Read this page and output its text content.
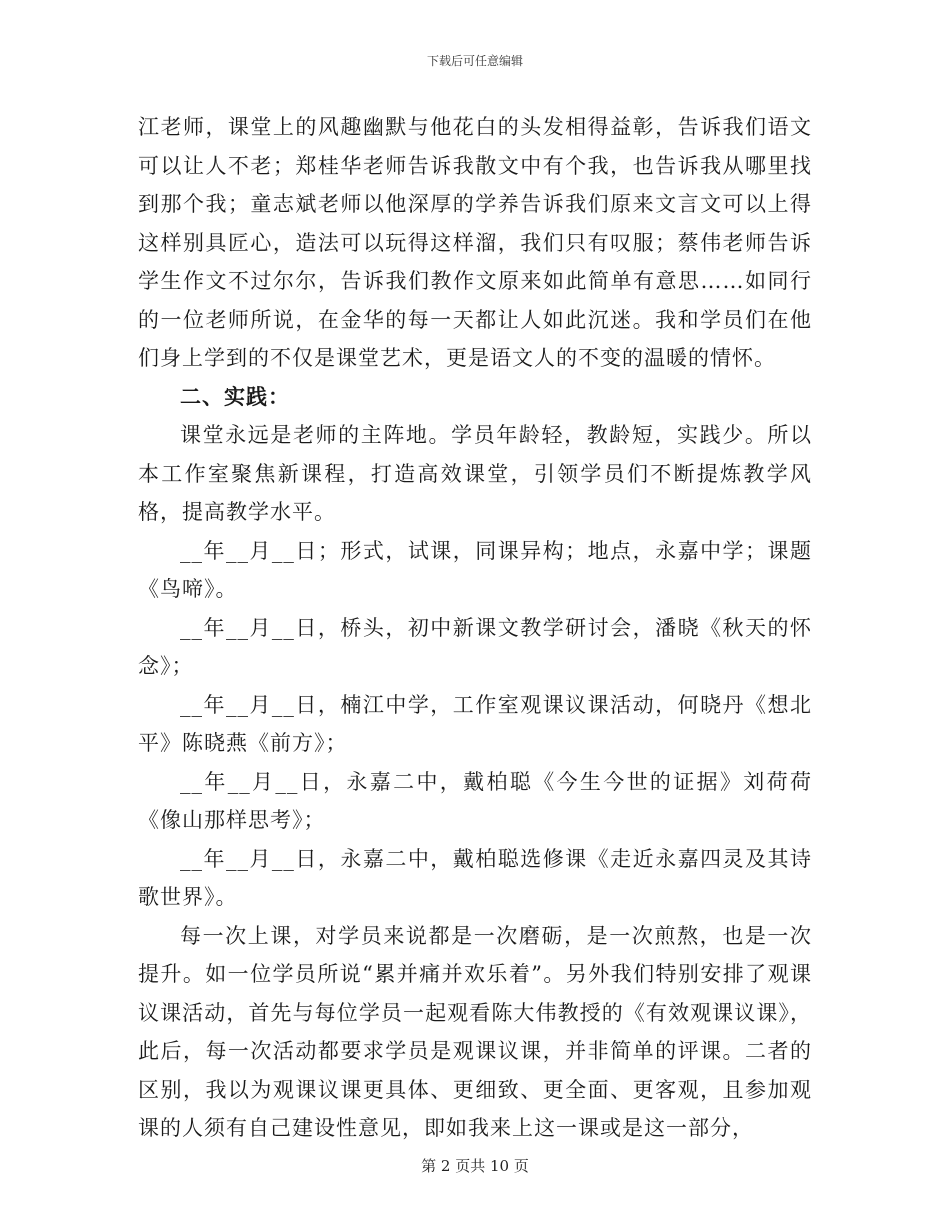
下载后可任意编辑

江老师，课堂上的风趣幽默与他花白的头发相得益彰，告诉我们语文可以让人不老；郑桂华老师告诉我散文中有个我，也告诉我从哪里找到那个我；童志斌老师以他深厚的学养告诉我们原来文言文可以上得这样别具匠心，造法可以玩得这样溜，我们只有叹服；蔡伟老师告诉学生作文不过尔尔，告诉我们教作文原来如此简单有意思……如同行的一位老师所说，在金华的每一天都让人如此沉迷。我和学员们在他们身上学到的不仅是课堂艺术，更是语文人的不变的温暖的情怀。

二、实践：

课堂永远是老师的主阵地。学员年龄轻，教龄短，实践少。所以本工作室聚焦新课程，打造高效课堂，引领学员们不断提炼教学风格，提高教学水平。

__年__月__日；形式，试课，同课异构；地点，永嘉中学；课题《鸟啼》。

__年__月__日，桥头，初中新课文教学研讨会，潘晓《秋天的怀念》；

__年__月__日，楠江中学，工作室观课议课活动，何晓丹《想北平》陈晓燕《前方》；

__年__月__日，永嘉二中，戴柏聪《今生今世的证据》刘荷荷《像山那样思考》；

__年__月__日，永嘉二中，戴柏聪选修课《走近永嘉四灵及其诗歌世界》。

每一次上课，对学员来说都是一次磨砺，是一次煎熬，也是一次提升。如一位学员所说“累并痛并欢乐着”。另外我们特别安排了观课议课活动，首先与每位学员一起观看陈大伟教授的《有效观课议课》，此后，每一次活动都要求学员是观课议课，并非简单的评课。二者的区别，我以为观课议课更具体、更细致、更全面、更客观，且参加观课的人须有自己建设性意见，即如我来上这一课或是这一部分，

第 2 页共 10 页
